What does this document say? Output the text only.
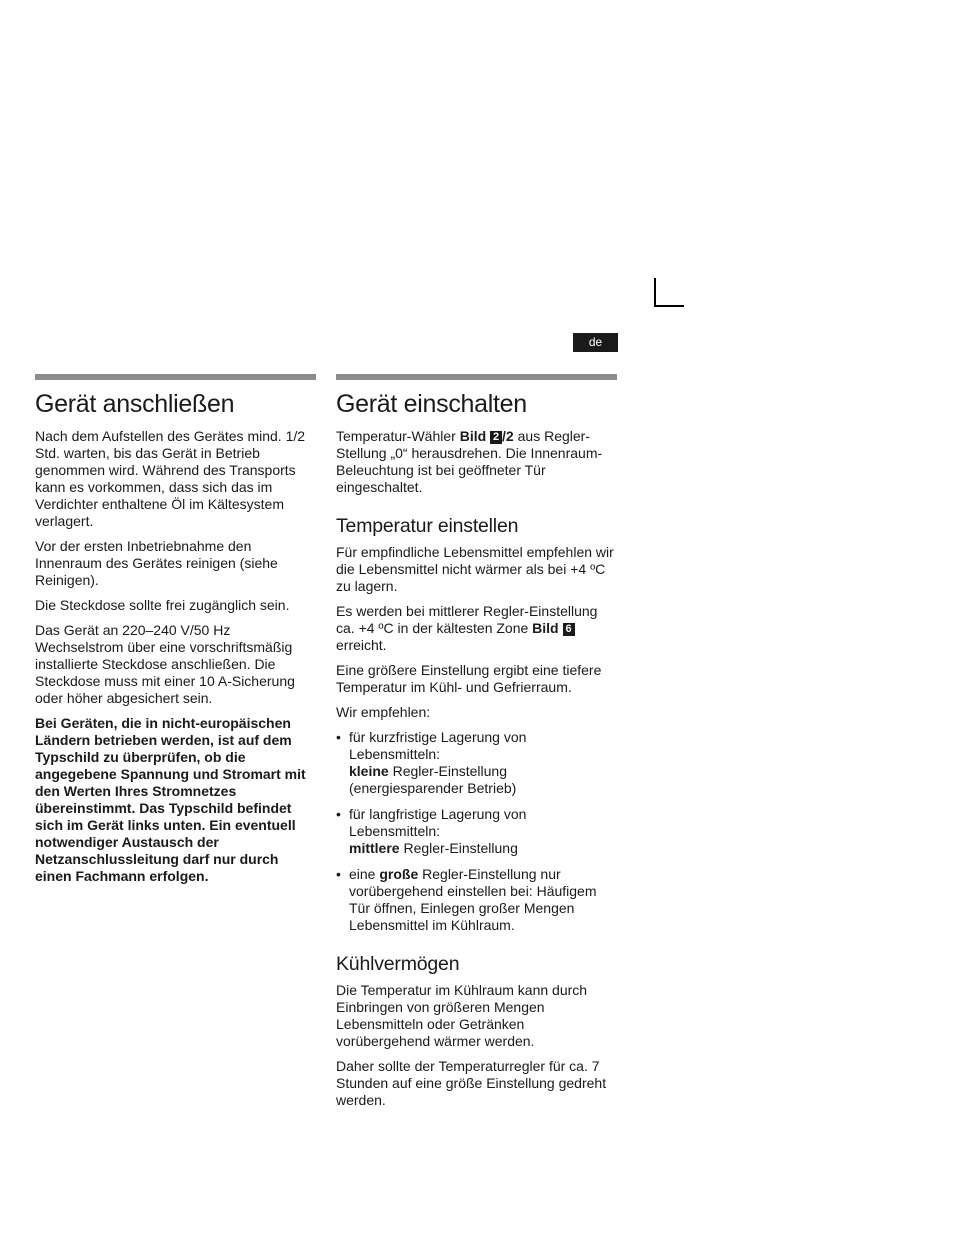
de
Gerät anschließen

Nach dem Aufstellen des Gerätes mind. 1/2 Std. warten, bis das Gerät in Betrieb genommen wird. Während des Transports kann es vorkommen, dass sich das im Verdichter enthaltene Öl im Kältesystem verlagert.

Vor der ersten Inbetriebnahme den Innenraum des Gerätes reinigen (siehe Reinigen).

Die Steckdose sollte frei zugänglich sein.

Das Gerät an 220–240 V/50 Hz Wechselstrom über eine vorschriftsmäßig installierte Steckdose anschließen. Die Steckdose muss mit einer 10 A-Sicherung oder höher abgesichert sein.

Bei Geräten, die in nicht-europäischen Ländern betrieben werden, ist auf dem Typschild zu überprüfen, ob die angegebene Spannung und Stromart mit den Werten Ihres Stromnetzes übereinstimmt. Das Typschild befindet sich im Gerät links unten. Ein eventuell notwendiger Austausch der Netzanschlussleitung darf nur durch einen Fachmann erfolgen.

Gerät einschalten

Temperatur-Wähler Bild 2 /2 aus Regler-Stellung „0“ herausdrehen. Die Innenraum-Beleuchtung ist bei geöffneter Tür eingeschaltet.

Temperatur einstellen

Für empfindliche Lebensmittel empfehlen wir die Lebensmittel nicht wärmer als bei +4 ºC zu lagern.

Es werden bei mittlerer Regler-Einstellung ca. +4 ºC in der kältesten Zone Bild 6 erreicht.

Eine größere Einstellung ergibt eine tiefere Temperatur im Kühl- und Gefrierraum.

Wir empfehlen:

• für kurzfristige Lagerung von Lebensmitteln:
kleine Regler-Einstellung (energiesparender Betrieb)
• für langfristige Lagerung von Lebensmitteln:
mittlere Regler-Einstellung
• eine große Regler-Einstellung nur vorübergehend einstellen bei: Häufigem Tür öffnen, Einlegen großer Mengen Lebensmittel im Kühlraum.
Kühlvermögen

Die Temperatur im Kühlraum kann durch Einbringen von größeren Mengen Lebensmitteln oder Getränken vorübergehend wärmer werden.

Daher sollte der Temperaturregler für ca. 7 Stunden auf eine größe Einstellung gedreht werden.
